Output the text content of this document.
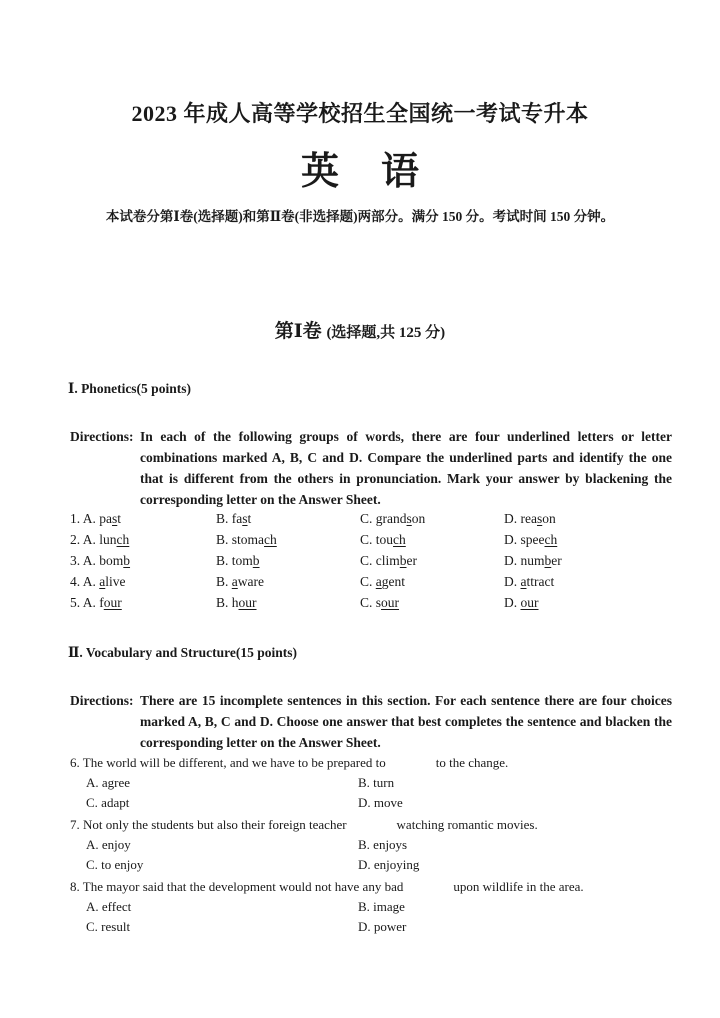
2023 年成人高等学校招生全国统一考试专升本
英语
本试卷分第Ⅰ卷(选择题)和第Ⅱ卷(非选择题)两部分。满分 150 分。考试时间 150 分钟。
第Ⅰ卷 (选择题,共 125 分)
Ⅰ. Phonetics(5 points)
Directions: In each of the following groups of words, there are four underlined letters or letter combinations marked A, B, C and D. Compare the underlined parts and identify the one that is different from the others in pronunciation. Mark your answer by blackening the corresponding letter on the Answer Sheet.
1. A. past	B. fast	C. grandson	D. reason
2. A. lunch	B. stomach	C. touch	D. speech
3. A. bomb	B. tomb	C. climber	D. number
4. A. alive	B. aware	C. agent	D. attract
5. A. four	B. hour	C. sour	D. our
Ⅱ. Vocabulary and Structure(15 points)
Directions: There are 15 incomplete sentences in this section. For each sentence there are four choices marked A, B, C and D. Choose one answer that best completes the sentence and blacken the corresponding letter on the Answer Sheet.
6. The world will be different, and we have to be prepared to	to the change.
A. agree	B. turn
C. adapt	D. move
7. Not only the students but also their foreign teacher	watching romantic movies.
A. enjoy	B. enjoys
C. to enjoy	D. enjoying
8. The mayor said that the development would not have any bad	upon wildlife in the area.
A. effect	B. image
C. result	D. power
